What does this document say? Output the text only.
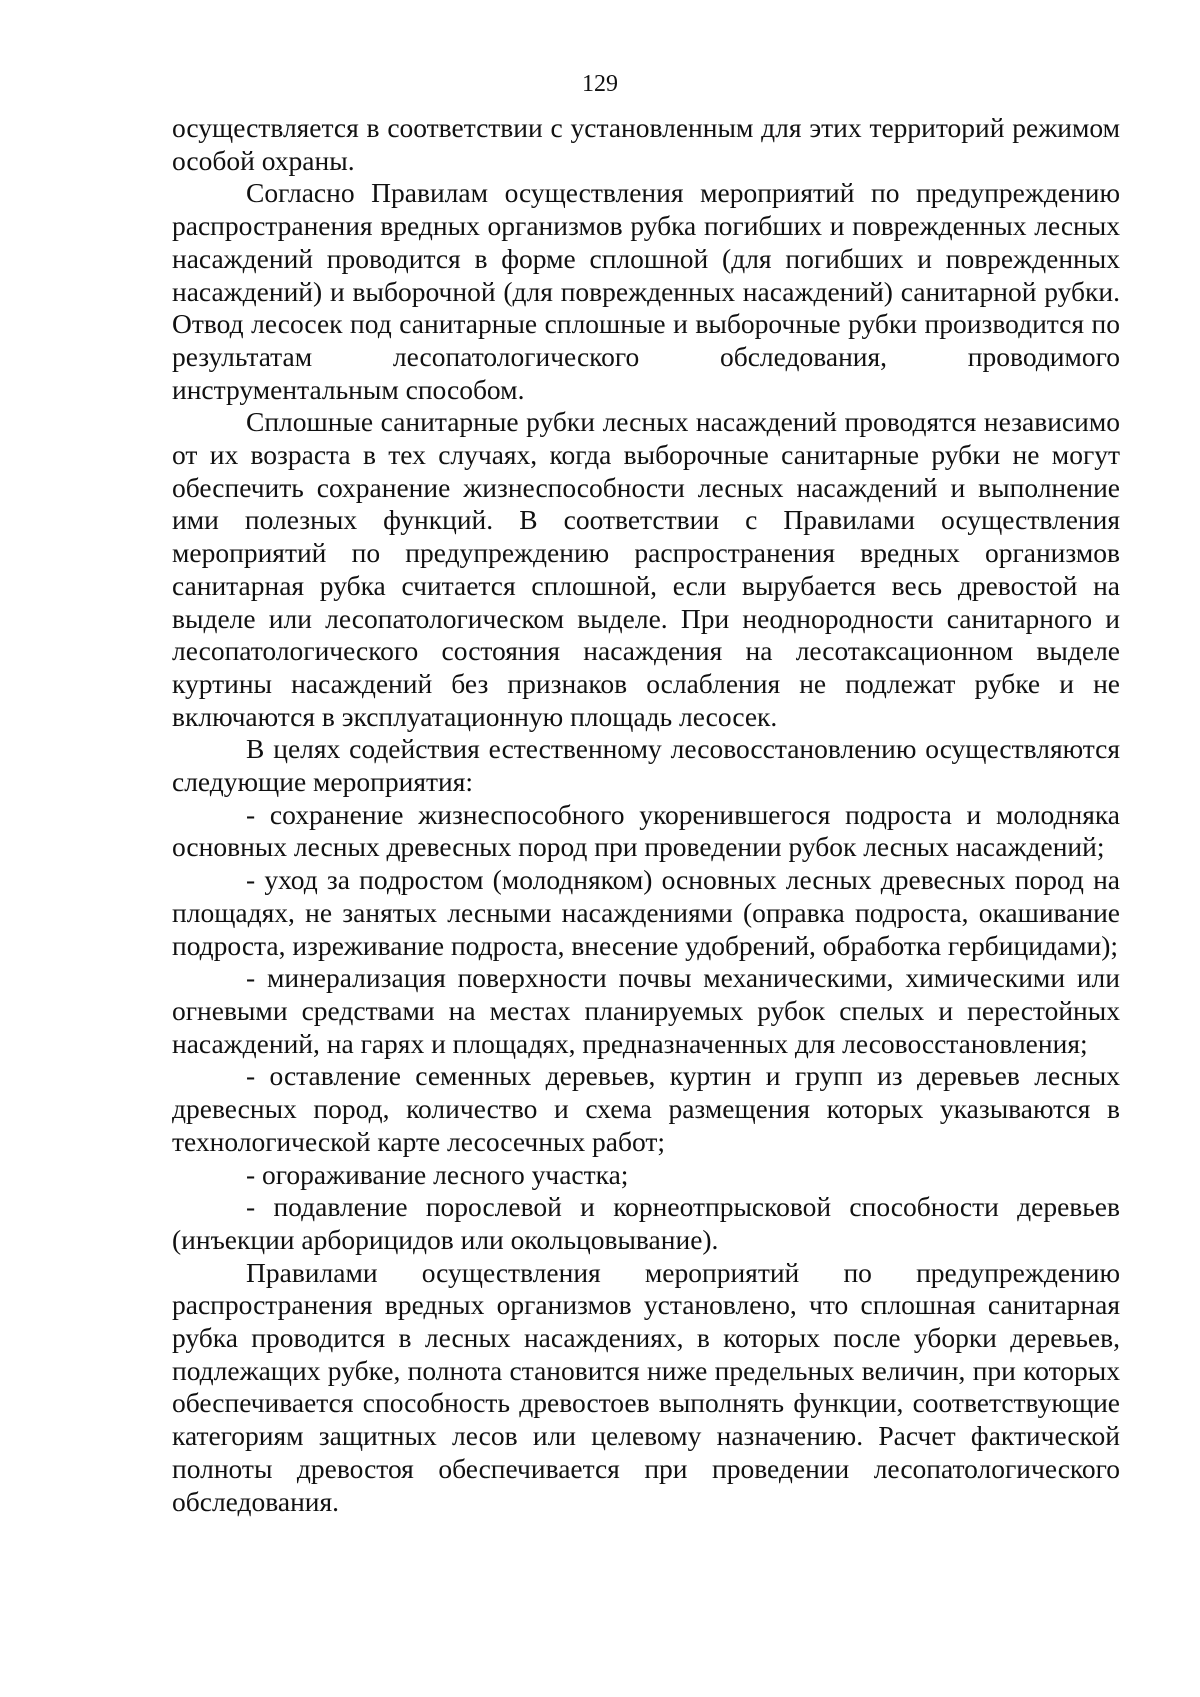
129

осуществляется в соответствии с установленным для этих территорий режимом особой охраны.

Согласно Правилам осуществления мероприятий по предупреждению распространения вредных организмов рубка погибших и поврежденных лесных насаждений проводится в форме сплошной (для погибших и поврежденных насаждений) и выборочной (для поврежденных насаждений) санитарной рубки. Отвод лесосек под санитарные сплошные и выборочные рубки производится по результатам лесопатологического обследования, проводимого инструментальным способом.

Сплошные санитарные рубки лесных насаждений проводятся независимо от их возраста в тех случаях, когда выборочные санитарные рубки не могут обеспечить сохранение жизнеспособности лесных насаждений и выполнение ими полезных функций. В соответствии с Правилами осуществления мероприятий по предупреждению распространения вредных организмов санитарная рубка считается сплошной, если вырубается весь древостой на выделе или лесопатологическом выделе. При неоднородности санитарного и лесопатологического состояния насаждения на лесотаксационном выделе куртины насаждений без признаков ослабления не подлежат рубке и не включаются в эксплуатационную площадь лесосек.

В целях содействия естественному лесовосстановлению осуществляются следующие мероприятия:

- сохранение жизнеспособного укоренившегося подроста и молодняка основных лесных древесных пород при проведении рубок лесных насаждений;

- уход за подростом (молодняком) основных лесных древесных пород на площадях, не занятых лесными насаждениями (оправка подроста, окашивание подроста, изреживание подроста, внесение удобрений, обработка гербицидами);

- минерализация поверхности почвы механическими, химическими или огневыми средствами на местах планируемых рубок спелых и перестойных насаждений, на гарях и площадях, предназначенных для лесовосстановления;

- оставление семенных деревьев, куртин и групп из деревьев лесных древесных пород, количество и схема размещения которых указываются в технологической карте лесосечных работ;

- огораживание лесного участка;

- подавление порослевой и корнеотпрысковой способности деревьев (инъекции арборицидов или окольцовывание).

Правилами осуществления мероприятий по предупреждению распространения вредных организмов установлено, что сплошная санитарная рубка проводится в лесных насаждениях, в которых после уборки деревьев, подлежащих рубке, полнота становится ниже предельных величин, при которых обеспечивается способность древостоев выполнять функции, соответствующие категориям защитных лесов или целевому назначению. Расчет фактической полноты древостоя обеспечивается при проведении лесопатологического обследования.
